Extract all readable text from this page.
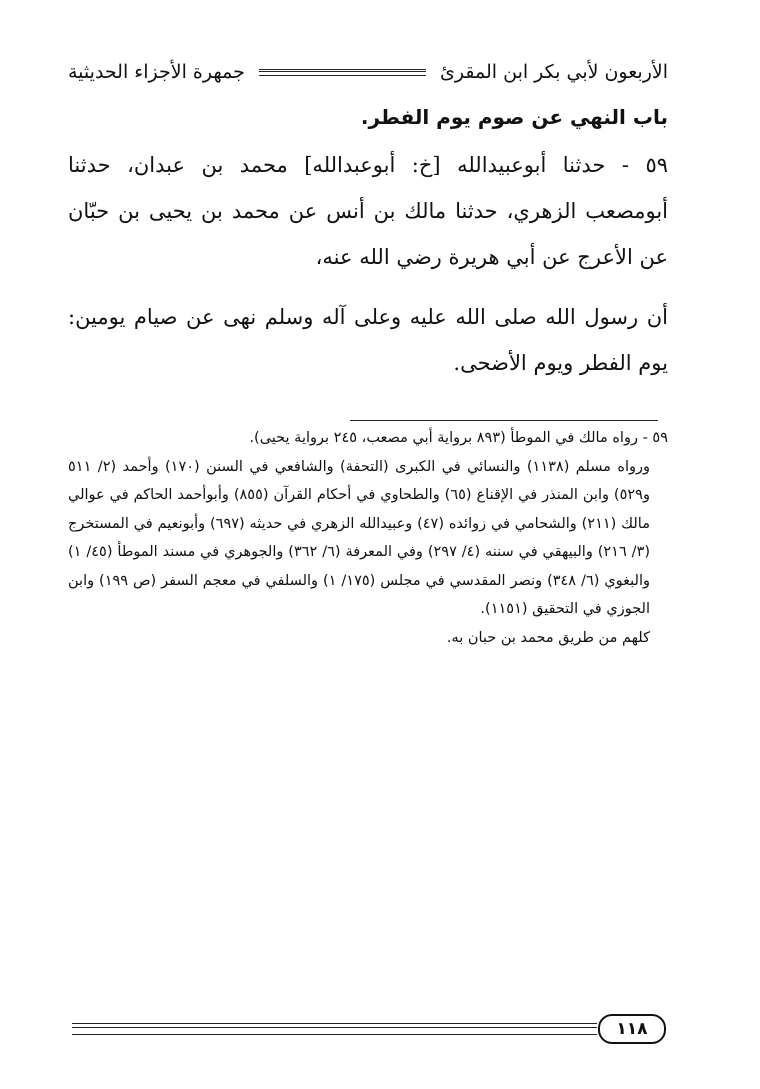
الأربعون لأبي بكر ابن المقرئ
جمهرة الأجزاء الحديثية
باب النهي عن صوم يوم الفطر.

٥٩ - حدثنا أبوعبيدالله [خ: أبوعبدالله] محمد بن عبدان، حدثنا أبومصعب الزهري، حدثنا مالك بن أنس عن محمد بن يحيى بن حبّان عن الأعرج عن أبي هريرة رضي الله عنه،

أن رسول الله صلى الله عليه وعلى آله وسلم نهى عن صيام يومين: يوم الفطر ويوم الأضحى.

٥٩ - رواه مالك في الموطأ (٨٩٣ برواية أبي مصعب، ٢٤٥ برواية يحيى).

ورواه مسلم (١١٣٨) والنسائي في الكبرى (التحفة) والشافعي في السنن (١٧٠) وأحمد (٢/ ٥١١ و٥٢٩) وابن المنذر في الإقناع (٦٥) والطحاوي في أحكام القرآن (٨٥٥) وأبوأحمد الحاكم في عوالي مالك (٢١١) والشحامي في زوائده (٤٧) وعبيدالله الزهري في حديثه (٦٩٧) وأبونعيم في المستخرج (٣/ ٢١٦) والبيهقي في سننه (٤/ ٢٩٧) وفي المعرفة (٦/ ٣٦٢) والجوهري في مسند الموطأ (٤٥/ ١) والبغوي (٦/ ٣٤٨) ونصر المقدسي في مجلس (١٧٥/ ١) والسلفي في معجم السفر (ص ١٩٩) وابن الجوزي في التحقيق (١١٥١).

كلهم من طريق محمد بن حبان به.

١١٨
